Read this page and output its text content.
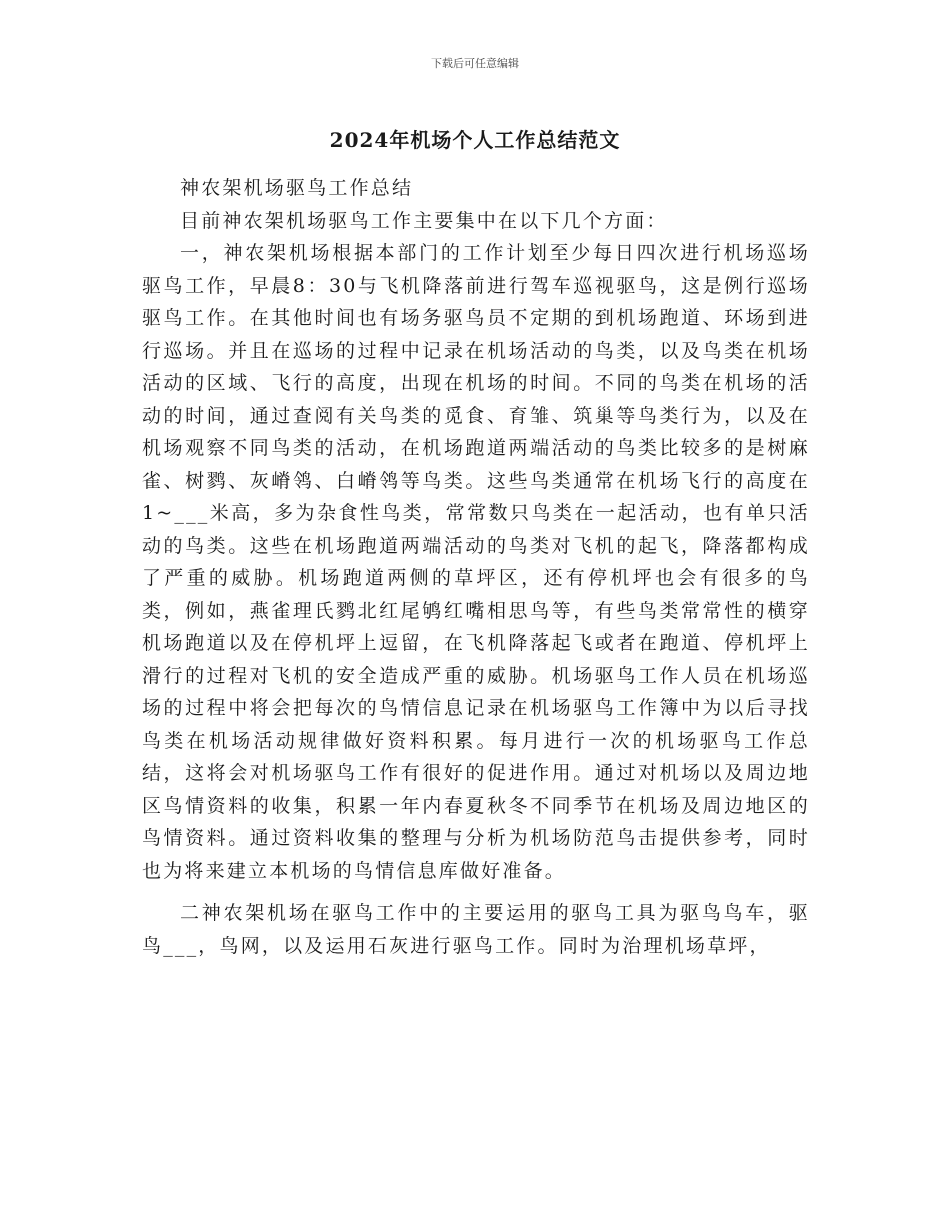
下载后可任意编辑
2024年机场个人工作总结范文

神农架机场驱鸟工作总结

目前神农架机场驱鸟工作主要集中在以下几个方面：

一，神农架机场根据本部门的工作计划至少每日四次进行机场巡场驱鸟工作，早晨8：30与飞机降落前进行驾车巡视驱鸟，这是例行巡场驱鸟工作。在其他时间也有场务驱鸟员不定期的到机场跑道、环场到进行巡场。并且在巡场的过程中记录在机场活动的鸟类，以及鸟类在机场活动的区域、飞行的高度，出现在机场的时间。不同的鸟类在机场的活动的时间，通过查阅有关鸟类的觅食、育雏、筑巢等鸟类行为，以及在机场观察不同鸟类的活动，在机场跑道两端活动的鸟类比较多的是树麻雀、树鹨、灰嵴鸰、白嵴鸰等鸟类。这些鸟类通常在机场飞行的高度在1~___米高，多为杂食性鸟类，常常数只鸟类在一起活动，也有单只活动的鸟类。这些在机场跑道两端活动的鸟类对飞机的起飞，降落都构成了严重的威胁。机场跑道两侧的草坪区，还有停机坪也会有很多的鸟类，例如，燕雀理氏鹨北红尾鸲红嘴相思鸟等，有些鸟类常常性的横穿机场跑道以及在停机坪上逗留，在飞机降落起飞或者在跑道、停机坪上滑行的过程对飞机的安全造成严重的威胁。机场驱鸟工作人员在机场巡场的过程中将会把每次的鸟情信息记录在机场驱鸟工作簿中为以后寻找鸟类在机场活动规律做好资料积累。每月进行一次的机场驱鸟工作总结，这将会对机场驱鸟工作有很好的促进作用。通过对机场以及周边地区鸟情资料的收集，积累一年内春夏秋冬不同季节在机场及周边地区的鸟情资料。通过资料收集的整理与分析为机场防范鸟击提供参考，同时也为将来建立本机场的鸟情信息库做好准备。

二神农架机场在驱鸟工作中的主要运用的驱鸟工具为驱鸟鸟车，驱鸟___，鸟网，以及运用石灰进行驱鸟工作。同时为治理机场草坪，
